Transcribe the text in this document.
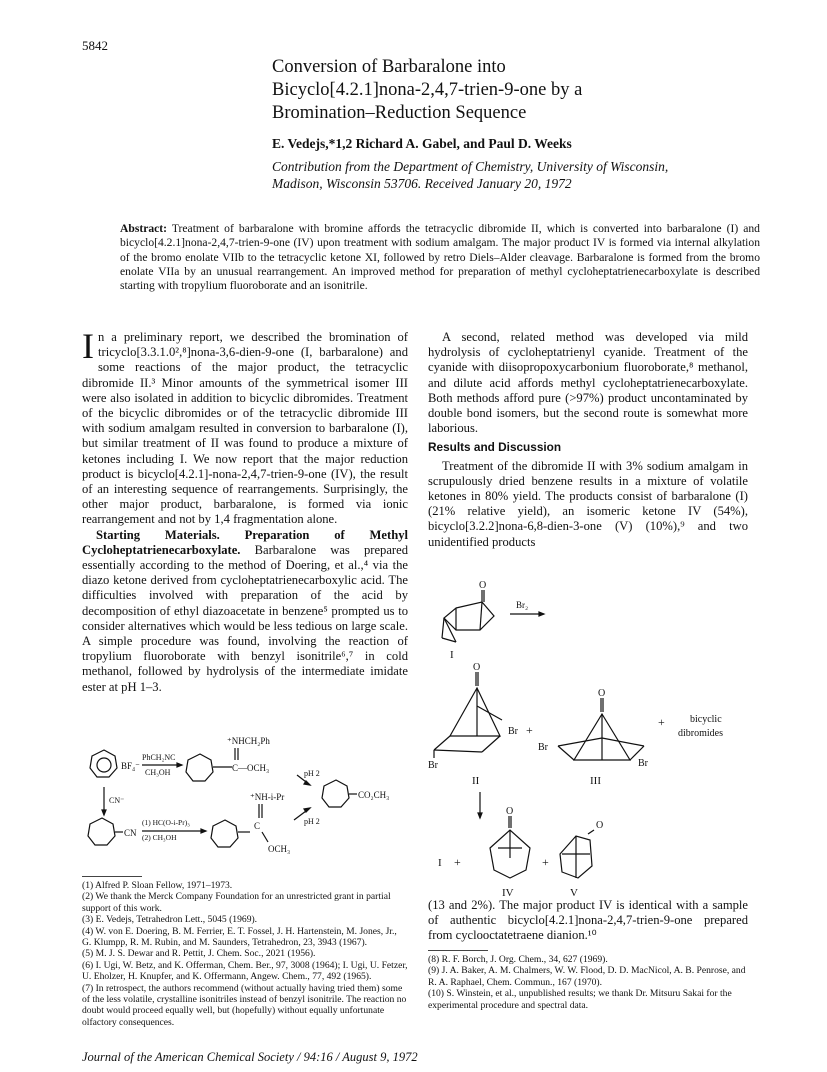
5842
Conversion of Barbaralone into
Bicyclo[4.2.1]nona-2,4,7-trien-9-one by a
Bromination–Reduction Sequence
E. Vedejs,*1,2 Richard A. Gabel, and Paul D. Weeks
Contribution from the Department of Chemistry, University of Wisconsin,
Madison, Wisconsin 53706. Received January 20, 1972
Abstract: Treatment of barbaralone with bromine affords the tetracyclic dibromide II, which is converted into barbaralone (I) and bicyclo[4.2.1]nona-2,4,7-trien-9-one (IV) upon treatment with sodium amalgam. The major product IV is formed via internal alkylation of the bromo enolate VIIb to the tetracyclic ketone XI, followed by retro Diels–Alder cleavage. Barbaralone is formed from the bromo enolate VIIa by an unusual rearrangement. An improved method for preparation of methyl cycloheptatrienecarboxylate is described starting with tropylium fluoroborate and an isonitrile.

In a preliminary report, we described the bromination of tricyclo[3.3.1.0²,⁸]nona-3,6-dien-9-one (I, barbaralone) and some reactions of the major product, the tetracyclic dibromide II.³ Minor amounts of the symmetrical isomer III were also isolated in addition to bicyclic dibromides. Treatment of the bicyclic dibromides or of the tetracyclic dibromide III with sodium amalgam resulted in conversion to barbaralone (I), but similar treatment of II was found to produce a mixture of ketones including I. We now report that the major reduction product is bicyclo[4.2.1]-nona-2,4,7-trien-9-one (IV), the result of an interesting sequence of rearrangements. Surprisingly, the other major product, barbaralone, is formed via ionic rearrangement and not by 1,4 fragmentation alone.

Starting Materials. Preparation of Methyl Cycloheptatrienecarboxylate. Barbaralone was prepared essentially according to the method of Doering, et al.,⁴ via the diazo ketone derived from cycloheptatrienecarboxylic acid. The difficulties involved with preparation of the acid by decomposition of ethyl diazoacetate in benzene⁵ prompted us to consider alternatives which would be less tedious on large scale. A simple procedure was found, involving the reaction of tropylium fluoroborate with benzyl isonitrile⁶,⁷ in cold methanol, followed by hydrolysis of the intermediate imidate ester at pH 1–3.

BF₄⁻
PhCH₂NC
CH₃OH
⁺NHCH₂Ph
C—OCH₃
pH 2
CO₂CH₃
CN⁻
CN
(1) HC(O-i-Pr)₃
(2) CH₃OH
⁺NH-i-Pr
C
OCH₃
pH 2

A second, related method was developed via mild hydrolysis of cycloheptatrienyl cyanide. Treatment of the cyanide with diisopropoxycarbonium fluoroborate,⁸ methanol, and dilute acid affords methyl cycloheptatrienecarboxylate. Both methods afford pure (>97%) product uncontaminated by double bond isomers, but the second route is somewhat more laborious.

Results and Discussion

Treatment of the dibromide II with 3% sodium amalgam in scrupulously dried benzene results in a mixture of volatile ketones in 80% yield. The products consist of barbaralone (I) (21% relative yield), an isomeric ketone IV (54%), bicyclo[3.2.2]nona-6,8-dien-3-one (V) (10%),⁹ and two unidentified products

O
I
Br₂
O
Br
Br
+
II
O
Br
Br
III
+	bicyclic
dibromides
I +
O
IV
+
O
V
(13 and 2%). The major product IV is identical with a sample of authentic bicyclo[4.2.1]nona-2,4,7-trien-9-one prepared from cyclooctatetraene dianion.¹⁰

(1) Alfred P. Sloan Fellow, 1971–1973.

(2) We thank the Merck Company Foundation for an unrestricted grant in partial support of this work.

(3) E. Vedejs, Tetrahedron Lett., 5045 (1969).

(4) W. von E. Doering, B. M. Ferrier, E. T. Fossel, J. H. Hartenstein, M. Jones, Jr., G. Klumpp, R. M. Rubin, and M. Saunders, Tetrahedron, 23, 3943 (1967).

(5) M. J. S. Dewar and R. Pettit, J. Chem. Soc., 2021 (1956).

(6) I. Ugi, W. Betz, and K. Offerman, Chem. Ber., 97, 3008 (1964); I. Ugi, U. Fetzer, U. Eholzer, H. Knupfer, and K. Offermann, Angew. Chem., 77, 492 (1965).

(7) In retrospect, the authors recommend (without actually having tried them) some of the less volatile, crystalline isonitriles instead of benzyl isonitrile. The reaction no doubt would proceed equally well, but (hopefully) without equally unfortunate olfactory consequences.

(8) R. F. Borch, J. Org. Chem., 34, 627 (1969).

(9) J. A. Baker, A. M. Chalmers, W. W. Flood, D. D. MacNicol, A. B. Penrose, and R. A. Raphael, Chem. Commun., 167 (1970).

(10) S. Winstein, et al., unpublished results; we thank Dr. Mitsuru Sakai for the experimental procedure and spectral data.

Journal of the American Chemical Society / 94:16 / August 9, 1972
